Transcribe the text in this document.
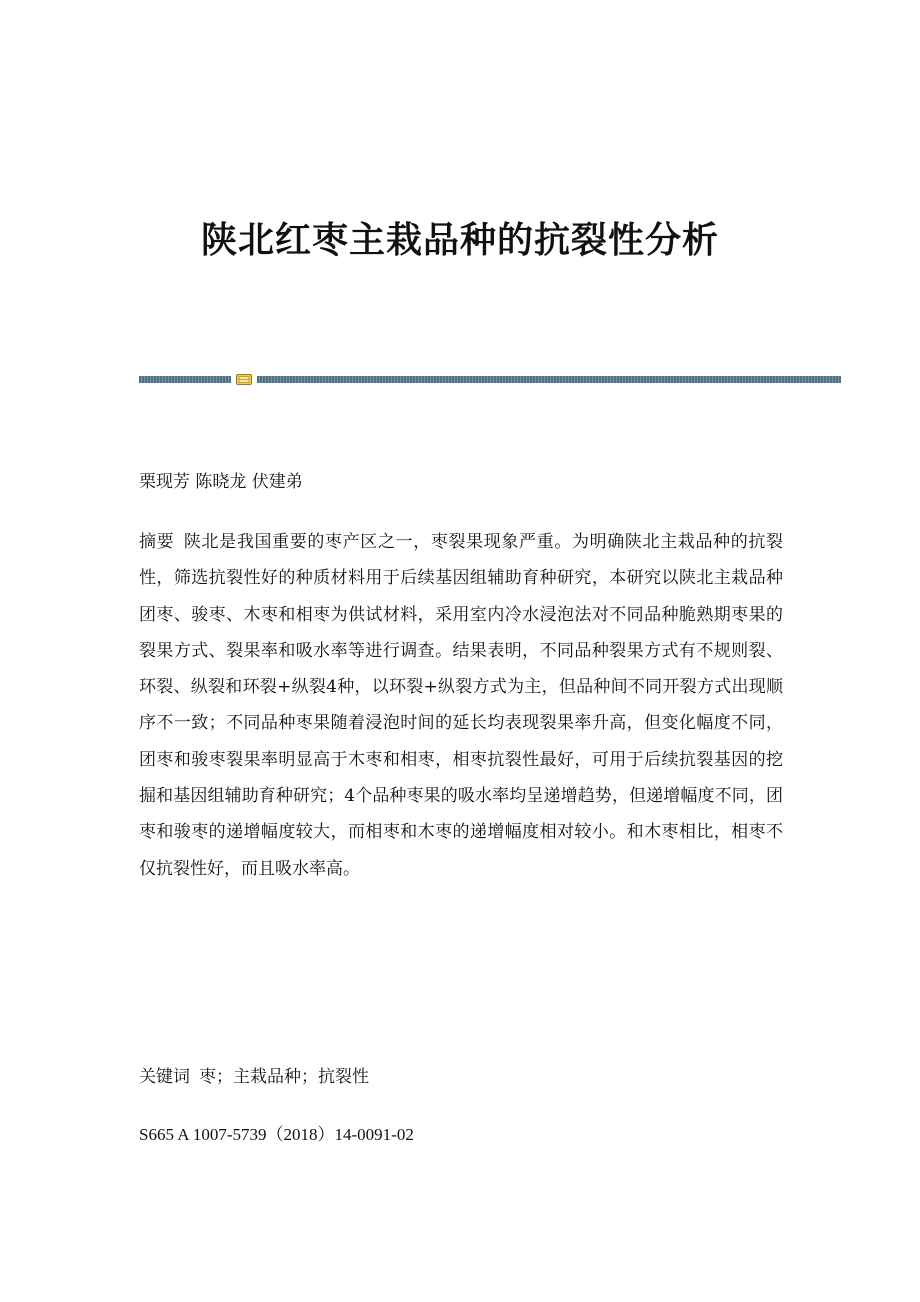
陕北红枣主栽品种的抗裂性分析

栗现芳 陈晓龙 伏建弟

摘要 陕北是我国重要的枣产区之一，枣裂果现象严重。为明确陕北主栽品种的抗裂性，筛选抗裂性好的种质材料用于后续基因组辅助育种研究，本研究以陕北主栽品种团枣、骏枣、木枣和相枣为供试材料，采用室内冷水浸泡法对不同品种脆熟期枣果的裂果方式、裂果率和吸水率等进行调查。结果表明，不同品种裂果方式有不规则裂、环裂、纵裂和环裂+纵裂4种，以环裂+纵裂方式为主，但品种间不同开裂方式出现顺序不一致；不同品种枣果随着浸泡时间的延长均表现裂果率升高，但变化幅度不同，团枣和骏枣裂果率明显高于木枣和相枣，相枣抗裂性最好，可用于后续抗裂基因的挖掘和基因组辅助育种研究；4个品种枣果的吸水率均呈递增趋势，但递增幅度不同，团枣和骏枣的递增幅度较大，而相枣和木枣的递增幅度相对较小。和木枣相比，相枣不仅抗裂性好，而且吸水率高。

关键词 枣；主栽品种；抗裂性

S665 A 1007-5739（2018）14-0091-02
